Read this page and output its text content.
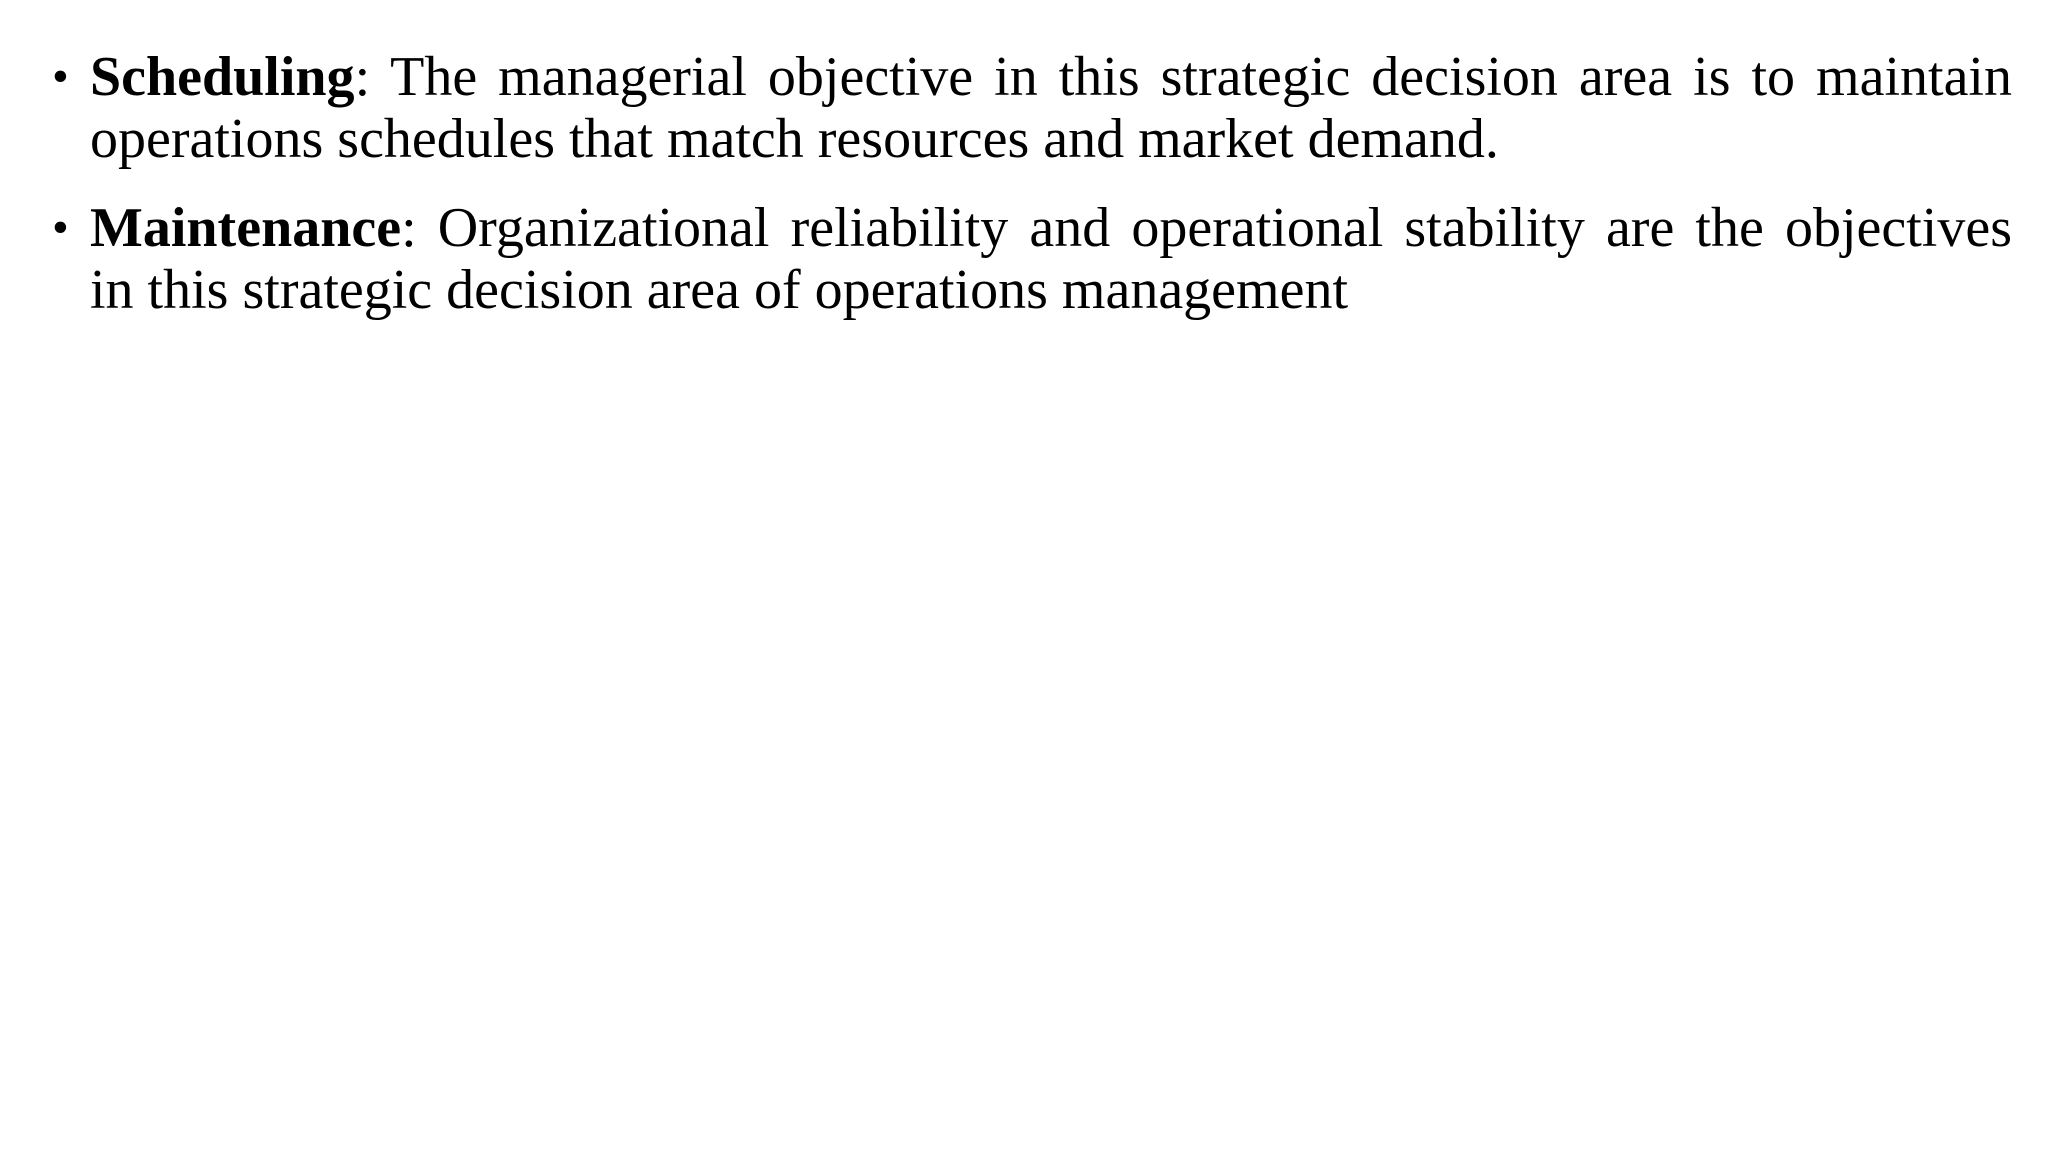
• Scheduling: The managerial objective in this strategic decision area is to maintain operations schedules that match resources and market demand.
• Maintenance: Organizational reliability and operational stability are the objectives in this strategic decision area of operations management
